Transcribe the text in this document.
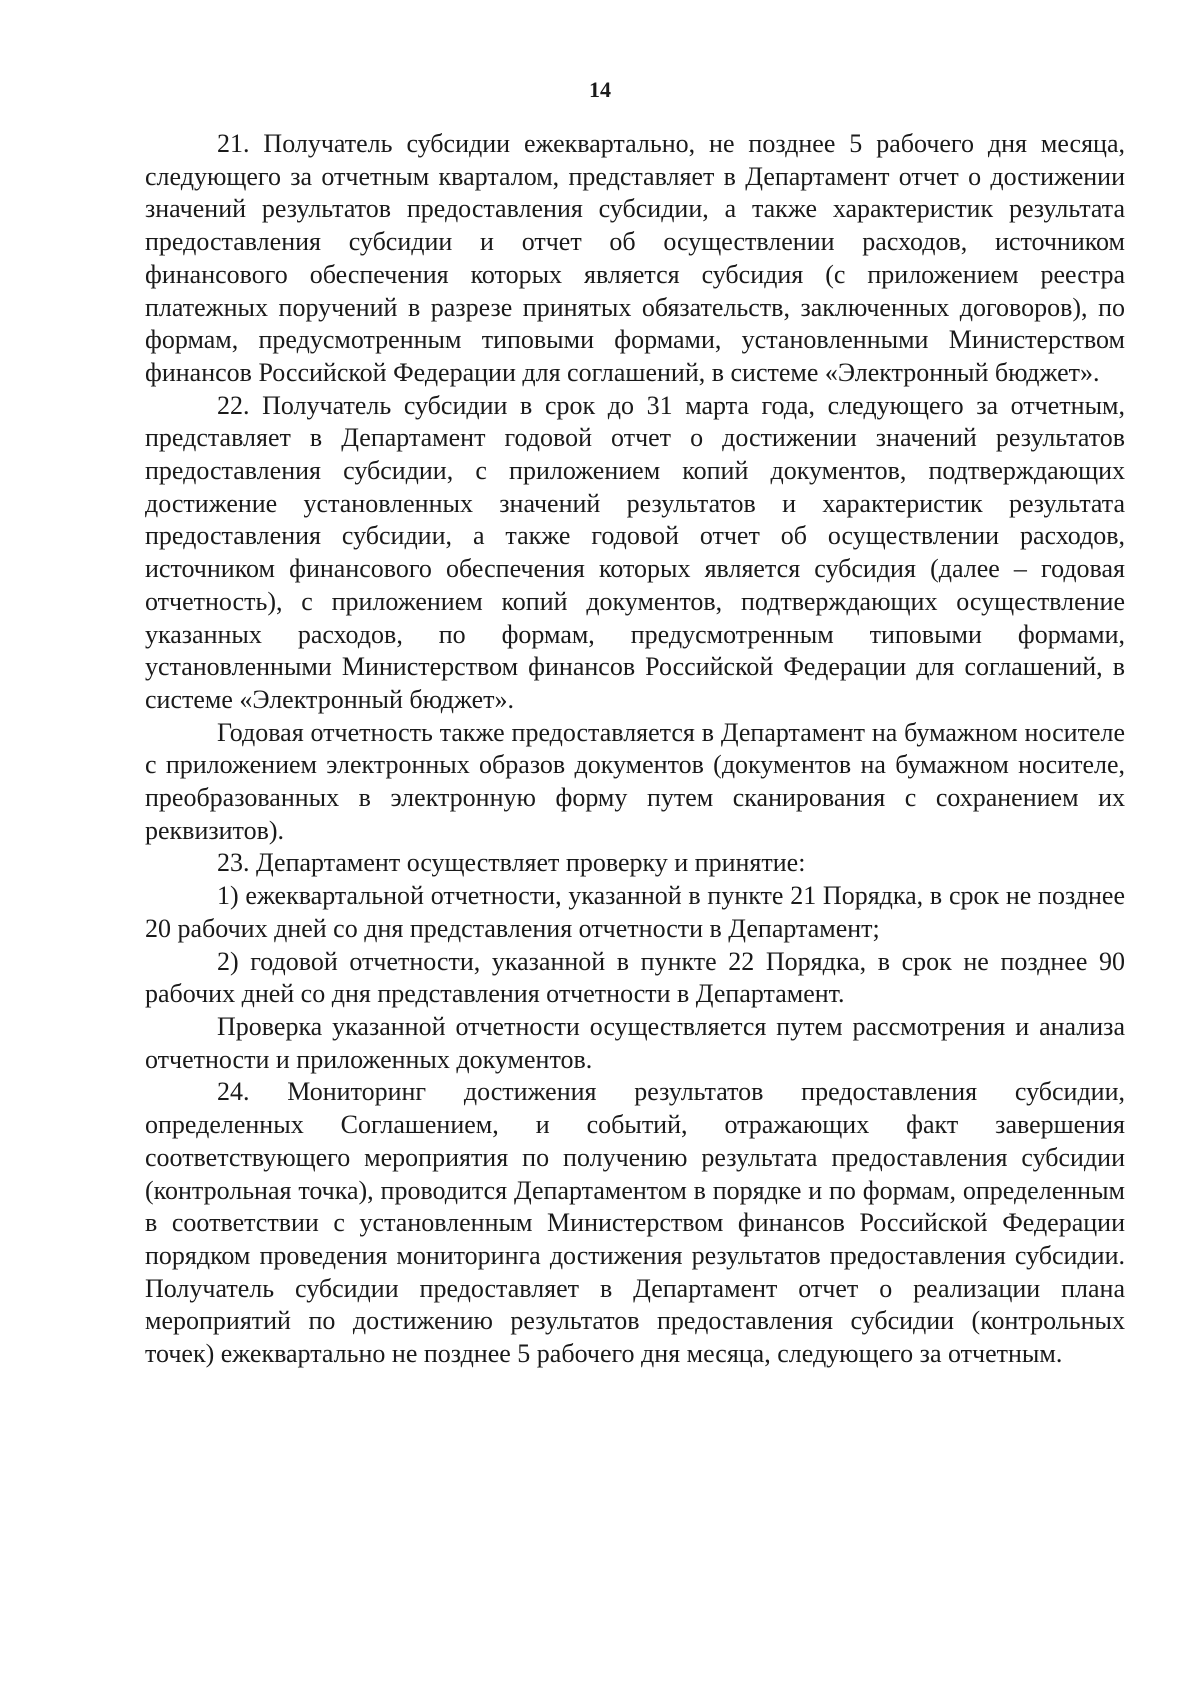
14

21. Получатель субсидии ежеквартально, не позднее 5 рабочего дня месяца, следующего за отчетным кварталом, представляет в Департамент отчет о достижении значений результатов предоставления субсидии, а также характеристик результата предоставления субсидии и отчет об осуществлении расходов, источником финансового обеспечения которых является субсидия (с приложением реестра платежных поручений в разрезе принятых обязательств, заключенных договоров), по формам, предусмотренным типовыми формами, установленными Министерством финансов Российской Федерации для соглашений, в системе «Электронный бюджет».

22. Получатель субсидии в срок до 31 марта года, следующего за отчетным, представляет в Департамент годовой отчет о достижении значений результатов предоставления субсидии, с приложением копий документов, подтверждающих достижение установленных значений результатов и характеристик результата предоставления субсидии, а также годовой отчет об осуществлении расходов, источником финансового обеспечения которых является субсидия (далее – годовая отчетность), с приложением копий документов, подтверждающих осуществление указанных расходов, по формам, предусмотренным типовыми формами, установленными Министерством финансов Российской Федерации для соглашений, в системе «Электронный бюджет».

Годовая отчетность также предоставляется в Департамент на бумажном носителе с приложением электронных образов документов (документов на бумажном носителе, преобразованных в электронную форму путем сканирования с сохранением их реквизитов).

23. Департамент осуществляет проверку и принятие:

1) ежеквартальной отчетности, указанной в пункте 21 Порядка, в срок не позднее 20 рабочих дней со дня представления отчетности в Департамент;

2) годовой отчетности, указанной в пункте 22 Порядка, в срок не позднее 90 рабочих дней со дня представления отчетности в Департамент.

Проверка указанной отчетности осуществляется путем рассмотрения и анализа отчетности и приложенных документов.

24. Мониторинг достижения результатов предоставления субсидии, определенных Соглашением, и событий, отражающих факт завершения соответствующего мероприятия по получению результата предоставления субсидии (контрольная точка), проводится Департаментом в порядке и по формам, определенным в соответствии с установленным Министерством финансов Российской Федерации порядком проведения мониторинга достижения результатов предоставления субсидии. Получатель субсидии предоставляет в Департамент отчет о реализации плана мероприятий по достижению результатов предоставления субсидии (контрольных точек) ежеквартально не позднее 5 рабочего дня месяца, следующего за отчетным.
